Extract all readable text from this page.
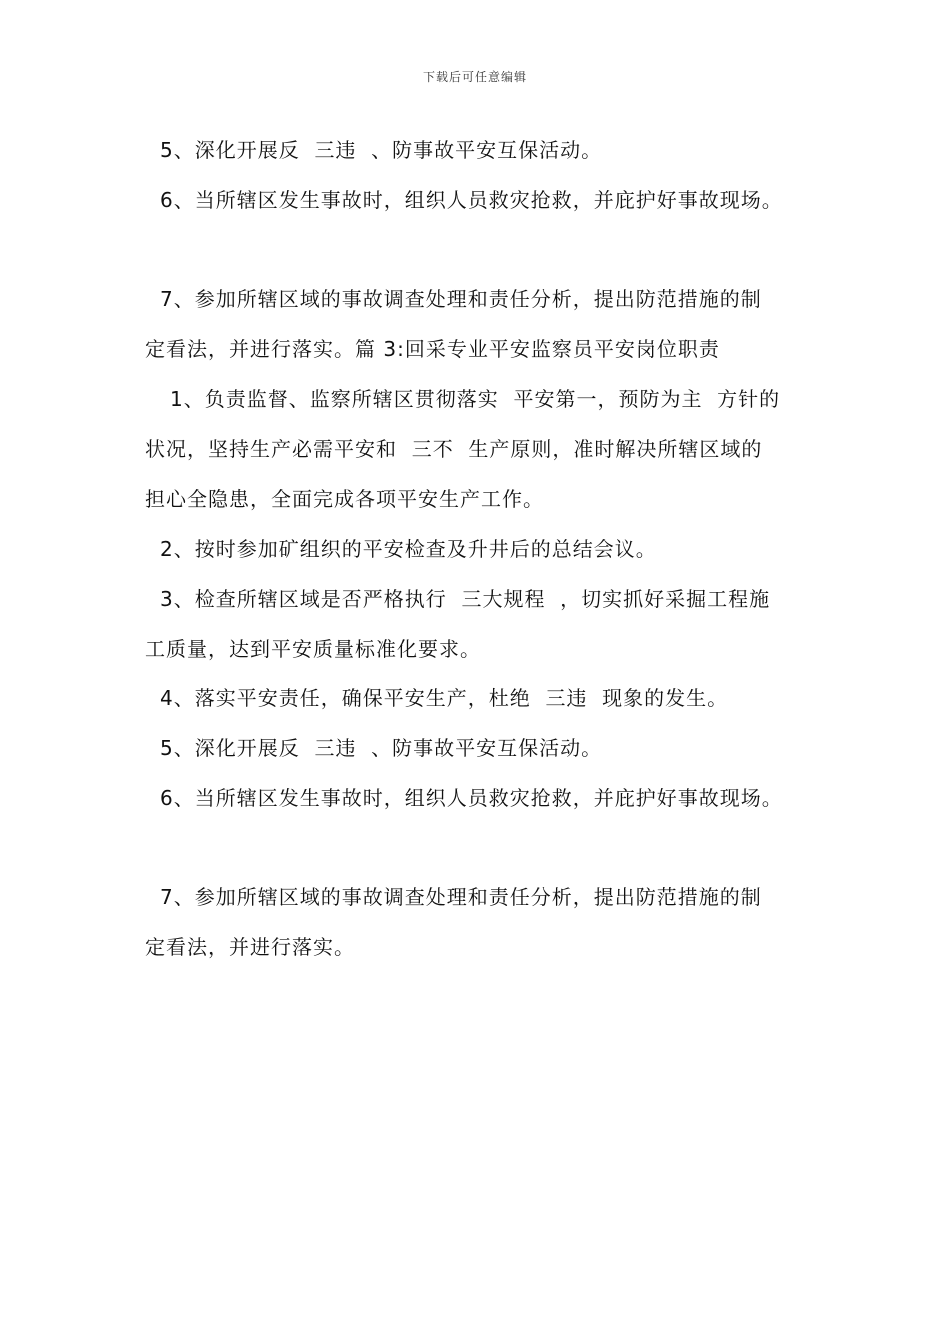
下载后可任意编辑
5、深化开展反  三违  、防事故平安互保活动。
6、当所辖区发生事故时，组织人员救灾抢救，并庇护好事故现场。
7、参加所辖区域的事故调查处理和责任分析，提出防范措施的制
定看法，并进行落实。篇 3:回采专业平安监察员平安岗位职责
1、负责监督、监察所辖区贯彻落实  平安第一，预防为主  方针的
状况，坚持生产必需平安和  三不  生产原则，准时解决所辖区域的
担心全隐患，全面完成各项平安生产工作。
2、按时参加矿组织的平安检查及升井后的总结会议。
3、检查所辖区域是否严格执行  三大规程  ，切实抓好采掘工程施
工质量，达到平安质量标准化要求。
4、落实平安责任，确保平安生产，杜绝  三违  现象的发生。
5、深化开展反  三违  、防事故平安互保活动。
6、当所辖区发生事故时，组织人员救灾抢救，并庇护好事故现场。
7、参加所辖区域的事故调查处理和责任分析，提出防范措施的制
定看法，并进行落实。
